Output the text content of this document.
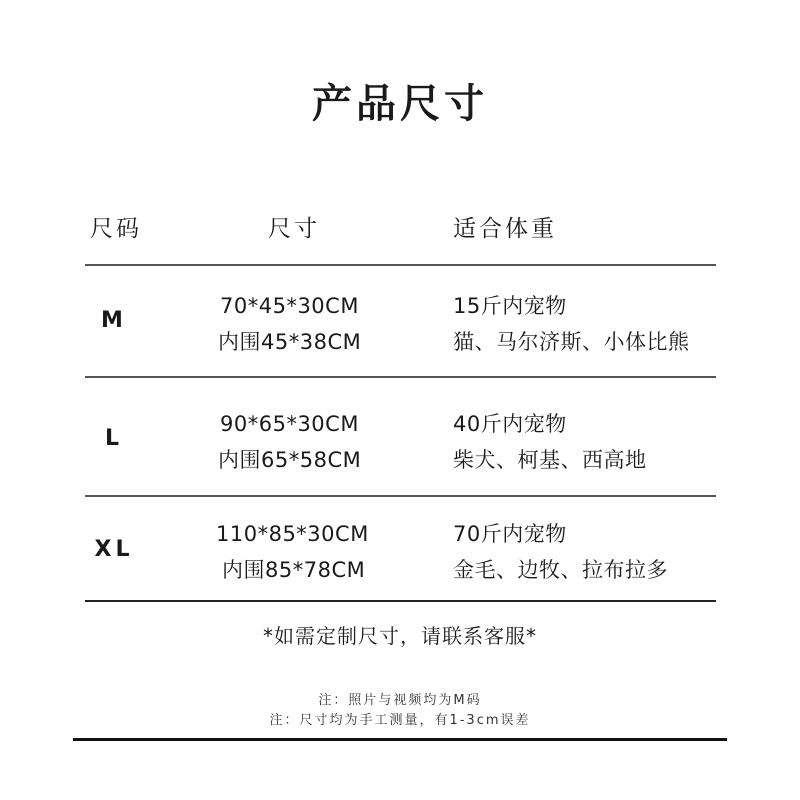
产品尺寸
尺码	尺寸	适合体重
M
70*45*30CM
内围45*38CM
15斤内宠物
猫、马尔济斯、小体比熊
L
90*65*30CM
内围65*58CM
40斤内宠物
柴犬、柯基、西高地
XL
110*85*30CM
内围85*78CM
70斤内宠物
金毛、边牧、拉布拉多
*如需定制尺寸，请联系客服*
注：照片与视频均为M码
注：尺寸均为手工测量，有1-3cm误差
